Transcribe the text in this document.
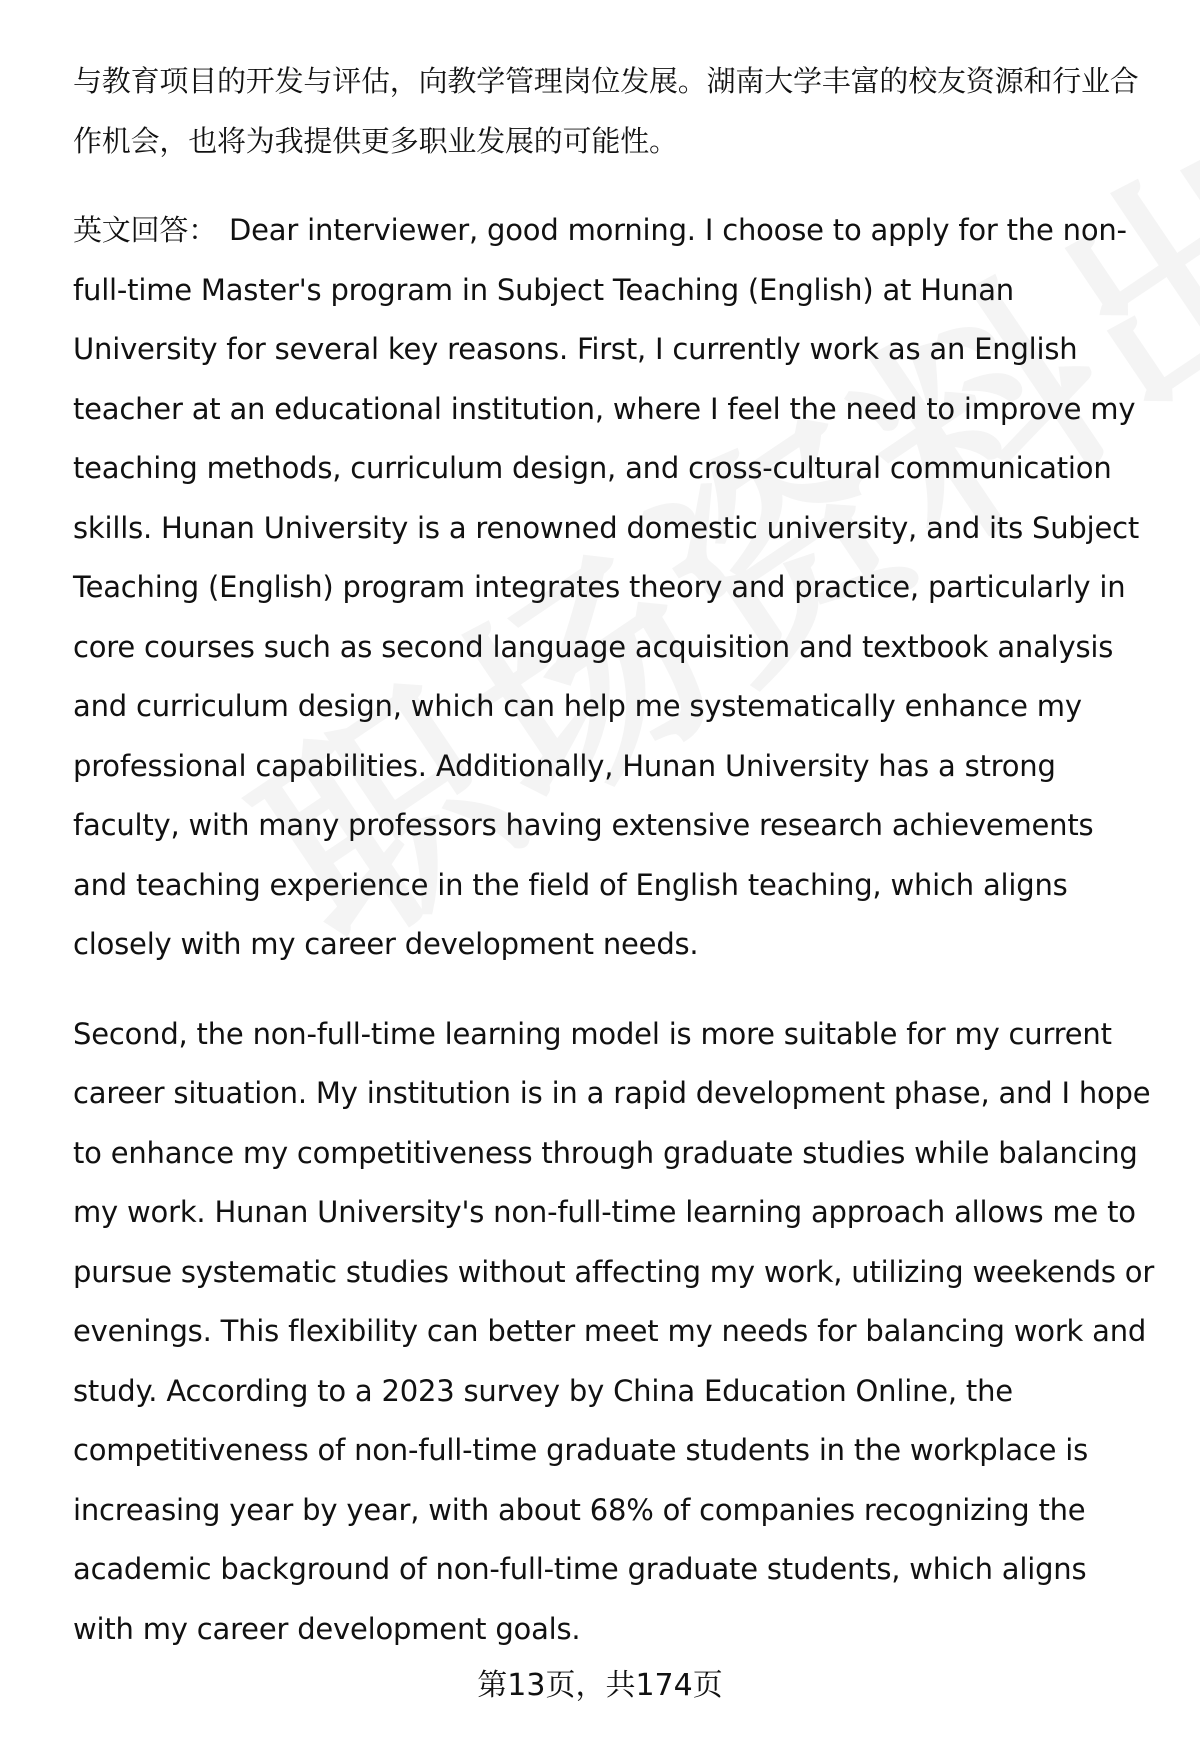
与教育项目的开发与评估，向教学管理岗位发展。湖南大学丰富的校友资源和行业合作机会，也将为我提供更多职业发展的可能性。

英文回答： Dear interviewer, good morning. I choose to apply for the non-full-time Master's program in Subject Teaching (English) at Hunan University for several key reasons. First, I currently work as an English teacher at an educational institution, where I feel the need to improve my teaching methods, curriculum design, and cross-cultural communication skills. Hunan University is a renowned domestic university, and its Subject Teaching (English) program integrates theory and practice, particularly in core courses such as second language acquisition and textbook analysis and curriculum design, which can help me systematically enhance my professional capabilities. Additionally, Hunan University has a strong faculty, with many professors having extensive research achievements and teaching experience in the field of English teaching, which aligns closely with my career development needs.

Second, the non-full-time learning model is more suitable for my current career situation. My institution is in a rapid development phase, and I hope to enhance my competitiveness through graduate studies while balancing my work. Hunan University's non-full-time learning approach allows me to pursue systematic studies without affecting my work, utilizing weekends or evenings. This flexibility can better meet my needs for balancing work and study. According to a 2023 survey by China Education Online, the competitiveness of non-full-time graduate students in the workplace is increasing year by year, with about 68% of companies recognizing the academic background of non-full-time graduate students, which aligns with my career development goals.

第13页，共174页
